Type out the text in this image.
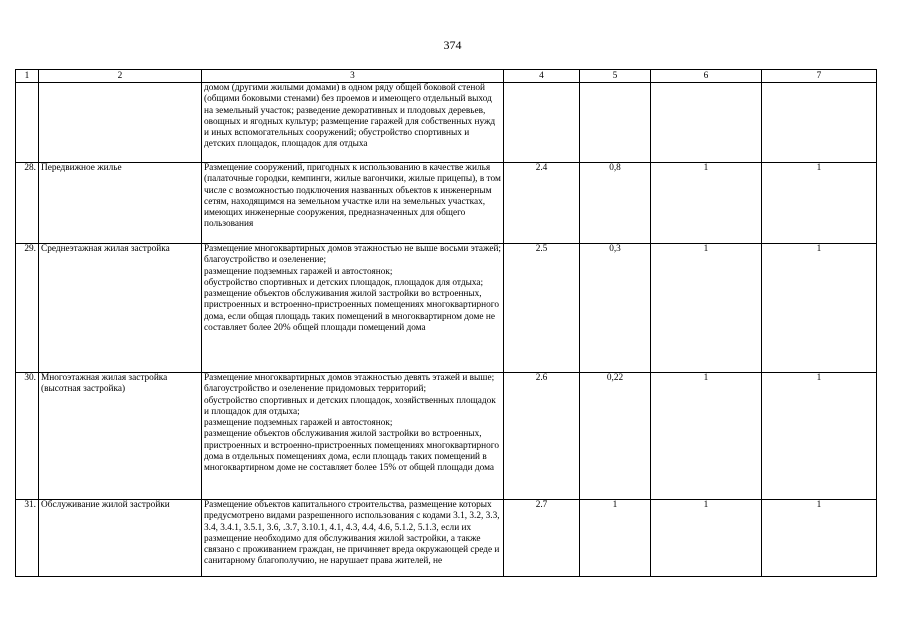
374
1	2	3	4	5	6	7
		домом (другими жилыми домами) в одном ряду общей боковой стеной (общими боковыми стенами) без проемов и имеющего отдельный выход на земельный участок; разведение декоративных и плодовых деревьев, овощных и ягодных культур; размещение гаражей для собственных нужд и иных вспомогательных сооружений; обустройство спортивных и детских площадок, площадок для отдыха				
28.	Передвижное жилье	Размещение сооружений, пригодных к использованию в качестве жилья (палаточные городки, кемпинги, жилые вагончики, жилые прицепы), в том числе с возможностью подключения названных объектов к инженерным сетям, находящимся на земельном участке или на земельных участках, имеющих инженерные сооружения, предназначенных для общего пользования	2.4	0,8	1	1
29.	Среднеэтажная жилая застройка	Размещение многоквартирных домов этажностью не выше восьми этажей;
благоустройство и озеленение;
размещение подземных гаражей и автостоянок;
обустройство спортивных и детских площадок, площадок для отдыха;
размещение объектов обслуживания жилой застройки во встроенных, пристроенных и встроенно-пристроенных помещениях многоквартирного дома, если общая площадь таких помещений в многоквартирном доме не составляет более 20% общей площади помещений дома	2.5	0,3	1	1
30.	Многоэтажная жилая застройка (высотная застройка)	Размещение многоквартирных домов этажностью девять этажей и выше;
благоустройство и озеленение придомовых территорий;
обустройство спортивных и детских площадок, хозяйственных площадок и площадок для отдыха;
размещение подземных гаражей и автостоянок;
размещение объектов обслуживания жилой застройки во встроенных, пристроенных и встроенно-пристроенных помещениях многоквартирного дома в отдельных помещениях дома, если площадь таких помещений в многоквартирном доме не составляет более 15% от общей площади дома	2.6	0,22	1	1
31.	Обслуживание жилой застройки	Размещение объектов капитального строительства, размещение которых предусмотрено видами разрешенного использования с кодами 3.1, 3.2, 3.3, 3.4, 3.4.1, 3.5.1, 3.6, .3.7, 3.10.1, 4.1, 4.3, 4.4, 4.6, 5.1.2, 5.1.3, если их размещение необходимо для обслуживания жилой застройки, а также связано с проживанием граждан, не причиняет вреда окружающей среде и санитарному благополучию, не нарушает права жителей, не	2.7	1	1	1
